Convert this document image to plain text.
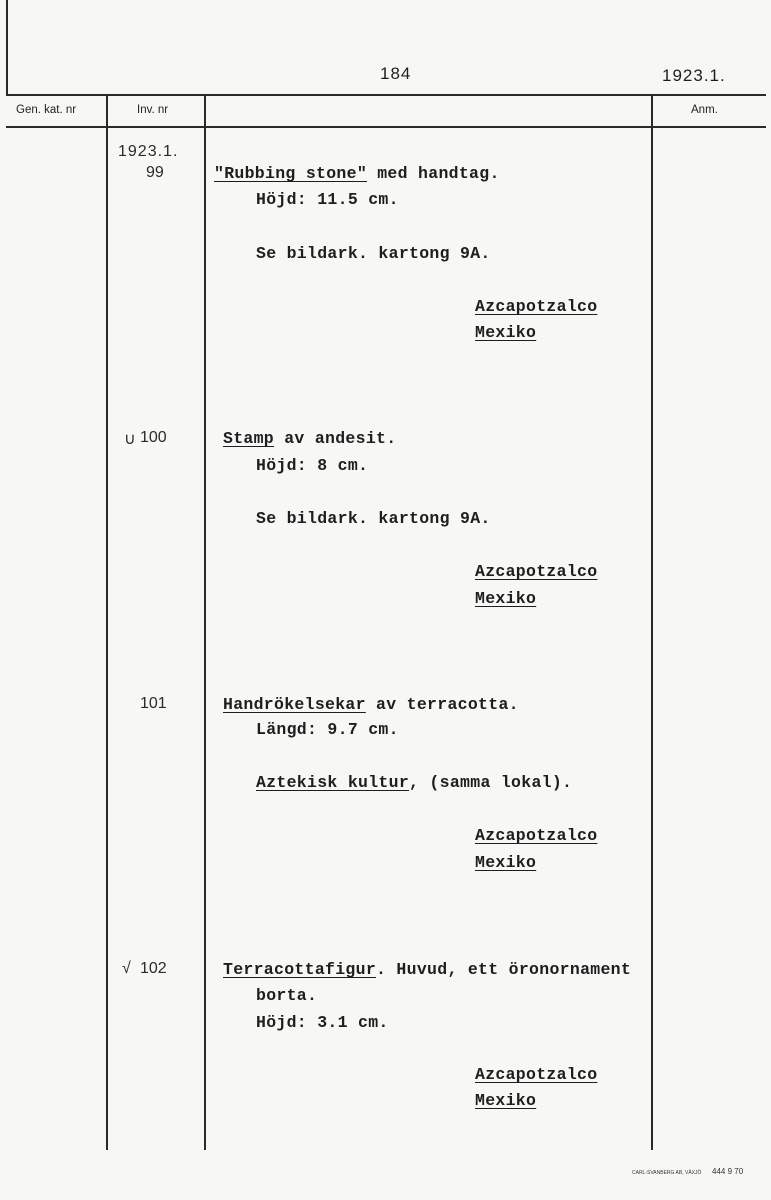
184	1923.1.
Gen. kat. nr	Inv. nr	Anm.
1923.1.
99	"Rubbing stone" med handtag.
Höjd: 11.5 cm.
Se bildark. kartong 9A.
Azcapotzalco
Mexiko
∪ 100	Stamp av andesit.
Höjd: 8 cm.
Se bildark. kartong 9A.
Azcapotzalco
Mexiko
101	Handrökelsekar av terracotta.
Längd: 9.7 cm.
Aztekisk kultur, (samma lokal).
Azcapotzalco
Mexiko
√ 102	Terracottafigur. Huvud, ett öronornament
borta.
Höjd: 3.1 cm.
Azcapotzalco
Mexiko
CARL-SVANBERG AB, VÄXJÖ 444 9 70
